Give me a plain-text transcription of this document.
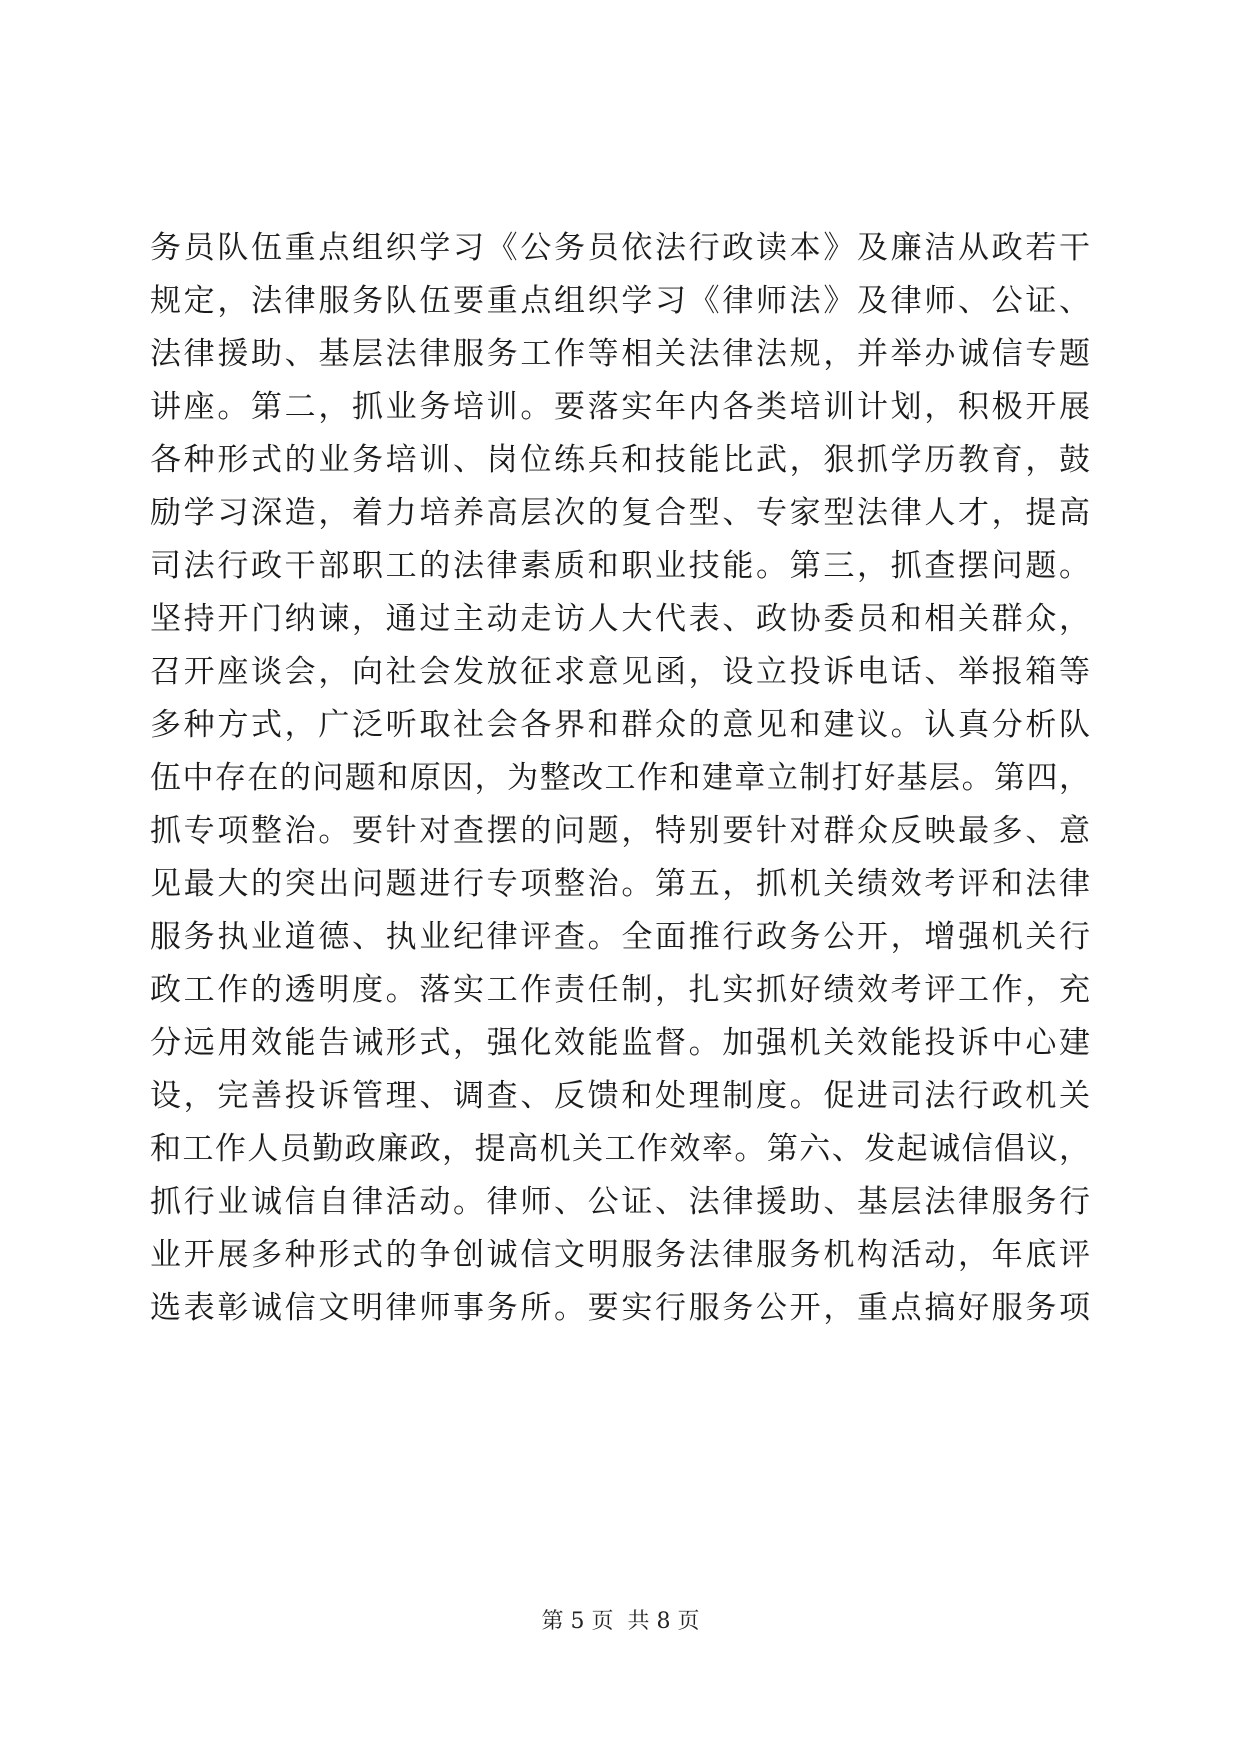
务员队伍重点组织学习《公务员依法行政读本》及廉洁从政若干
规定，法律服务队伍要重点组织学习《律师法》及律师、公证、
法律援助、基层法律服务工作等相关法律法规，并举办诚信专题
讲座。第二，抓业务培训。要落实年内各类培训计划，积极开展
各种形式的业务培训、岗位练兵和技能比武，狠抓学历教育，鼓
励学习深造，着力培养高层次的复合型、专家型法律人才，提高
司法行政干部职工的法律素质和职业技能。第三，抓查摆问题。
坚持开门纳谏，通过主动走访人大代表、政协委员和相关群众，
召开座谈会，向社会发放征求意见函，设立投诉电话、举报箱等
多种方式，广泛听取社会各界和群众的意见和建议。认真分析队
伍中存在的问题和原因，为整改工作和建章立制打好基层。第四，
抓专项整治。要针对查摆的问题，特别要针对群众反映最多、意
见最大的突出问题进行专项整治。第五，抓机关绩效考评和法律
服务执业道德、执业纪律评查。全面推行政务公开，增强机关行
政工作的透明度。落实工作责任制，扎实抓好绩效考评工作，充
分远用效能告诫形式，强化效能监督。加强机关效能投诉中心建
设，完善投诉管理、调查、反馈和处理制度。促进司法行政机关
和工作人员勤政廉政，提高机关工作效率。第六、发起诚信倡议，
抓行业诚信自律活动。律师、公证、法律援助、基层法律服务行
业开展多种形式的争创诚信文明服务法律服务机构活动，年底评
选表彰诚信文明律师事务所。要实行服务公开，重点搞好服务项
第 5 页  共 8 页
